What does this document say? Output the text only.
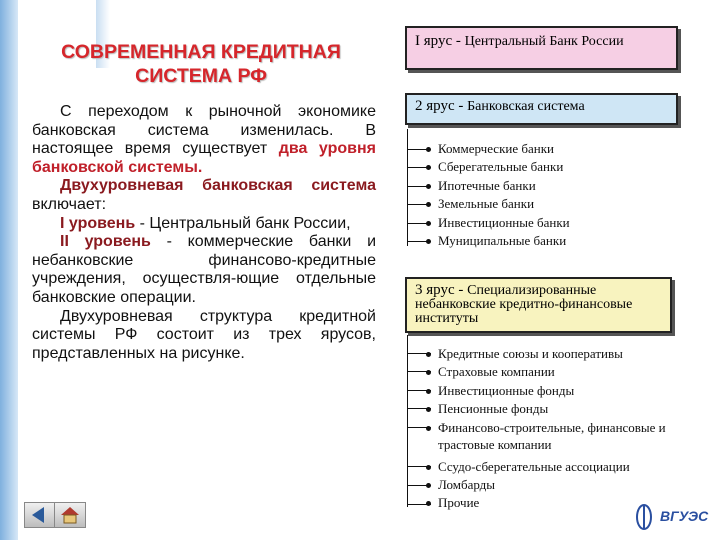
СОВРЕМЕННАЯ КРЕДИТНАЯ СИСТЕМА РФ

С переходом к рыночной экономике банковская система изменилась. В настоящее время существует два уровня банковской системы.

Двухуровневая банковская система включает:

I уровень - Центральный банк России,

II уровень - коммерческие банки и небанковские финансово-кредитные учреждения, осуществля-ющие отдельные банковские операции.

Двухуровневая структура кредитной системы РФ состоит из трех ярусов, представленных на рисунке.

I ярус - Центральный Банк России
2 ярус - Банковская система
Коммерческие банки
Сберегательные банки
Ипотечные банки
Земельные банки
Инвестиционные банки
Муниципальные банки
3 ярус - Специализированные небанковские кредитно-финансовые институты
Кредитные союзы и кооперативы
Страховые компании
Инвестиционные фонды
Пенсионные фонды
Финансово-строительные, финансовые и трастовые компании
Ссудо-сберегательные ассоциации
Ломбарды
Прочие
ВГУЭС
